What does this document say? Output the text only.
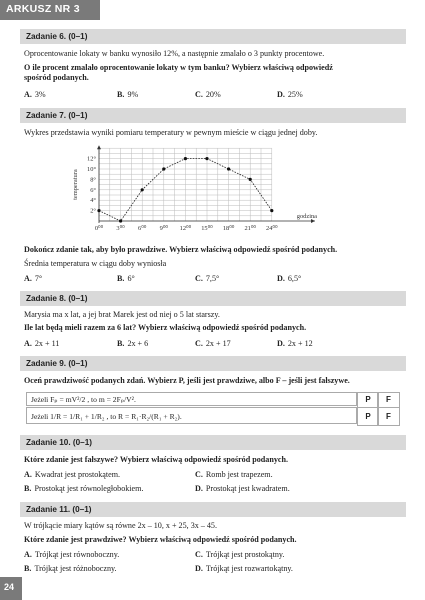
ARKUSZ NR 3
Zadanie 6. (0–1)
Oprocentowanie lokaty w banku wynosiło 12%, a następnie zmalało o 3 punkty procentowe.
O ile procent zmalało oprocentowanie lokaty w tym banku? Wybierz właściwą odpowiedź
spośród podanych.
A. 3%	B. 9%	C. 20%	D. 25%
Zadanie 7. (0–1)
Wykres przedstawia wyniki pomiaru temperatury w pewnym mieście w ciągu jednej doby.
0⁰⁰ 3⁰⁰ 6⁰⁰ 9⁰⁰ 12⁰⁰ 15⁰⁰ 18⁰⁰ 21⁰⁰ 24⁰⁰
2°
4°
6°
8°
10°
12°
temperatura
godzina
Dokończ zdanie tak, aby było prawdziwe. Wybierz właściwą odpowiedź spośród podanych.
Średnia temperatura w ciągu doby wyniosła
A. 7°	B. 6°	C. 7,5°	D. 6,5°
Zadanie 8. (0–1)
Marysia ma x lat, a jej brat Marek jest od niej o 5 lat starszy.
Ile lat będą mieli razem za 6 lat? Wybierz właściwą odpowiedź spośród podanych.
A. 2x + 11	B. 2x + 6	C. 2x + 17	D. 2x + 12
Zadanie 9. (0–1)
Oceń prawdziwość podanych zdań. Wybierz P, jeśli jest prawdziwe, albo F – jeśli jest fałszywe.
Jeżeli Fₚ = mV²/2 , to m = 2Fₚ/V².	P	F
Jeżeli 1/R = 1/R₁ + 1/R₂ , to R = R₁·R₂/(R₁ + R₂).	P	F
Zadanie 10. (0–1)
Które zdanie jest fałszywe? Wybierz właściwą odpowiedź spośród podanych.
A. Kwadrat jest prostokątem.	C. Romb jest trapezem.
B. Prostokąt jest równoległobokiem.	D. Prostokąt jest kwadratem.
Zadanie 11. (0–1)
W trójkącie miary kątów są równe 2x – 10, x + 25, 3x – 45.
Które zdanie jest prawdziwe? Wybierz właściwą odpowiedź spośród podanych.
A. Trójkąt jest równoboczny.	C. Trójkąt jest prostokątny.
B. Trójkąt jest różnoboczny.	D. Trójkąt jest rozwartokątny.
24
